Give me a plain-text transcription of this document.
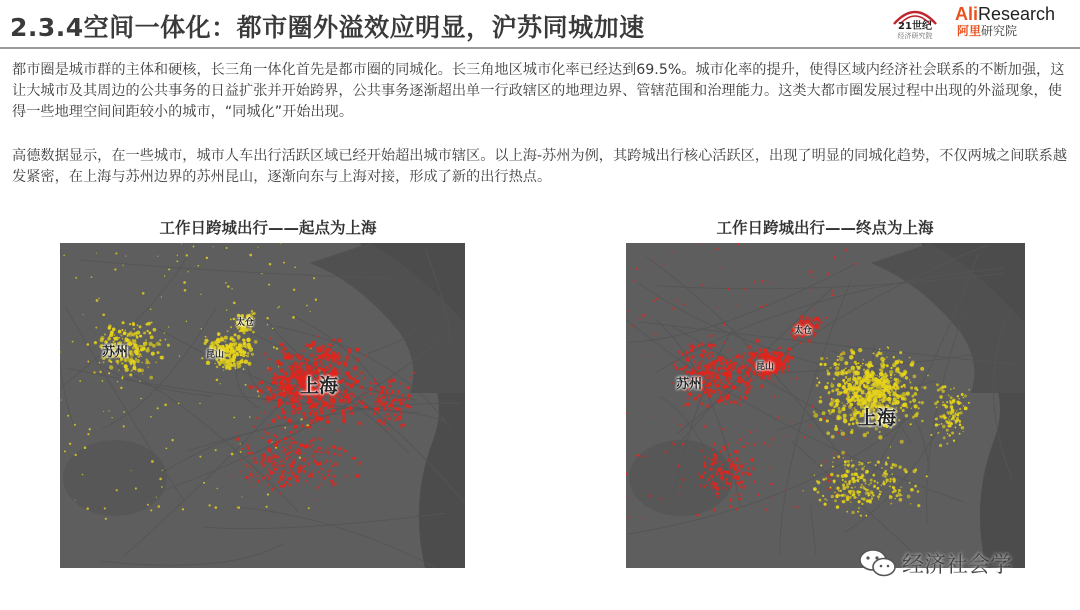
2.3.4空间一体化：都市圈外溢效应明显，沪苏同城加速	21世纪
经济研究院
AliResearch
阿里研究院
都市圈是城市群的主体和硬核，长三角一体化首先是都市圈的同城化。长三角地区城市化率已经达到69.5%。城市化率的提升，使得区域内经济社会联系的不断加强，这让大城市及其周边的公共事务的日益扩张并开始跨界，公共事务逐渐超出单一行政辖区的地理边界、管辖范围和治理能力。这类大都市圈发展过程中出现的外溢现象，使得一些地理空间间距较小的城市，“同城化”开始出现。
高德数据显示，在一些城市，城市人车出行活跃区域已经开始超出城市辖区。以上海-苏州为例，其跨城出行核心活跃区，出现了明显的同城化趋势，不仅两城之间联系越发紧密，在上海与苏州边界的苏州昆山，逐渐向东与上海对接，形成了新的出行热点。
工作日跨城出行——起点为上海	工作日跨城出行——终点为上海
苏州	昆山
太仓
上海	苏州
昆山
太仓
上海
经济社会学
